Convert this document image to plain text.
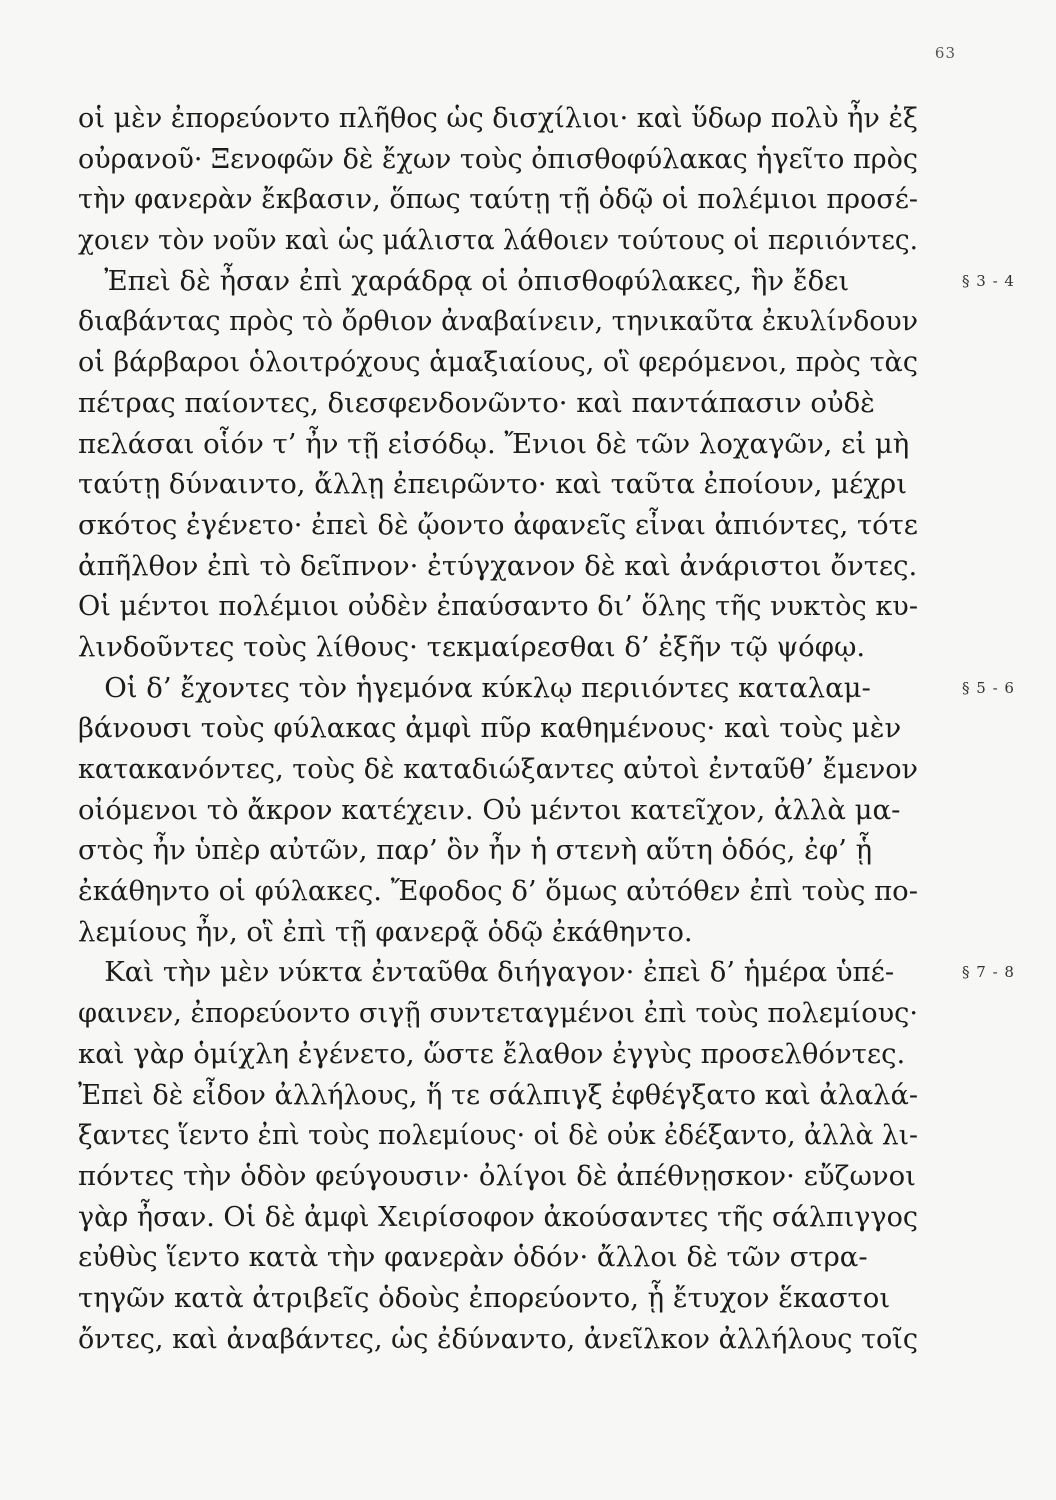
63
οἱ μὲν ἐπορεύοντο πλῆθος ὡς δισχίλιοι· καὶ ὕδωρ πολὺ ἦν ἐξ
οὐρανοῦ· Ξενοφῶν δὲ ἔχων τοὺς ὀπισθοφύλακας ἡγεῖτο πρὸς
τὴν φανερὰν ἔκβασιν, ὅπως ταύτῃ τῇ ὁδῷ οἱ πολέμιοι προσέ-
χοιεν τὸν νοῦν καὶ ὡς μάλιστα λάθοιεν τούτους οἱ περιιόντες.
Ἐπεὶ δὲ ἦσαν ἐπὶ χαράδρᾳ οἱ ὀπισθοφύλακες, ἣν ἔδει	§ 3 - 4
διαβάντας πρὸς τὸ ὄρθιον ἀναβαίνειν, τηνικαῦτα ἐκυλίνδουν
οἱ βάρβαροι ὁλοιτρόχους ἁμαξιαίους, οἳ φερόμενοι, πρὸς τὰς
πέτρας παίοντες, διεσφενδονῶντο· καὶ παντάπασιν οὐδὲ
πελάσαι οἷόν τ’ ἦν τῇ εἰσόδῳ. Ἔνιοι δὲ τῶν λοχαγῶν, εἰ μὴ
ταύτῃ δύναιντο, ἄλλῃ ἐπειρῶντο· καὶ ταῦτα ἐποίουν, μέχρι
σκότος ἐγένετο· ἐπεὶ δὲ ᾤοντο ἀφανεῖς εἶναι ἀπιόντες, τότε
ἀπῆλθον ἐπὶ τὸ δεῖπνον· ἐτύγχανον δὲ καὶ ἀνάριστοι ὄντες.
Οἱ μέντοι πολέμιοι οὐδὲν ἐπαύσαντο δι’ ὅλης τῆς νυκτὸς κυ-
λινδοῦντες τοὺς λίθους· τεκμαίρεσθαι δ’ ἐξῆν τῷ ψόφῳ.
Οἱ δ’ ἔχοντες τὸν ἡγεμόνα κύκλῳ περιιόντες καταλαμ-	§ 5 - 6
βάνουσι τοὺς φύλακας ἀμφὶ πῦρ καθημένους· καὶ τοὺς μὲν
κατακανόντες, τοὺς δὲ καταδιώξαντες αὐτοὶ ἐνταῦθ’ ἔμενον
οἰόμενοι τὸ ἄκρον κατέχειν. Οὐ μέντοι κατεῖχον, ἀλλὰ μα-
στὸς ἦν ὑπὲρ αὐτῶν, παρ’ ὃν ἦν ἡ στενὴ αὕτη ὁδός, ἐφ’ ᾗ
ἐκάθηντο οἱ φύλακες. Ἔφοδος δ’ ὅμως αὐτόθεν ἐπὶ τοὺς πο-
λεμίους ἦν, οἳ ἐπὶ τῇ φανερᾷ ὁδῷ ἐκάθηντο.
Καὶ τὴν μὲν νύκτα ἐνταῦθα διήγαγον· ἐπεὶ δ’ ἡμέρα ὑπέ-	§ 7 - 8
φαινεν, ἐπορεύοντο σιγῇ συντεταγμένοι ἐπὶ τοὺς πολεμίους·
καὶ γὰρ ὁμίχλη ἐγένετο, ὥστε ἔλαθον ἐγγὺς προσελθόντες.
Ἐπεὶ δὲ εἶδον ἀλλήλους, ἥ τε σάλπιγξ ἐφθέγξατο καὶ ἀλαλά-
ξαντες ἵεντο ἐπὶ τοὺς πολεμίους· οἱ δὲ οὐκ ἐδέξαντο, ἀλλὰ λι-
πόντες τὴν ὁδὸν φεύγουσιν· ὀλίγοι δὲ ἀπέθνῃσκον· εὔζωνοι
γὰρ ἦσαν. Οἱ δὲ ἀμφὶ Χειρίσοφον ἀκούσαντες τῆς σάλπιγγος
εὐθὺς ἵεντο κατὰ τὴν φανερὰν ὁδόν· ἄλλοι δὲ τῶν στρα-
τηγῶν κατὰ ἀτριβεῖς ὁδοὺς ἐπορεύοντο, ᾗ ἔτυχον ἕκαστοι
ὄντες, καὶ ἀναβάντες, ὡς ἐδύναντο, ἀνεῖλκον ἀλλήλους τοῖς
